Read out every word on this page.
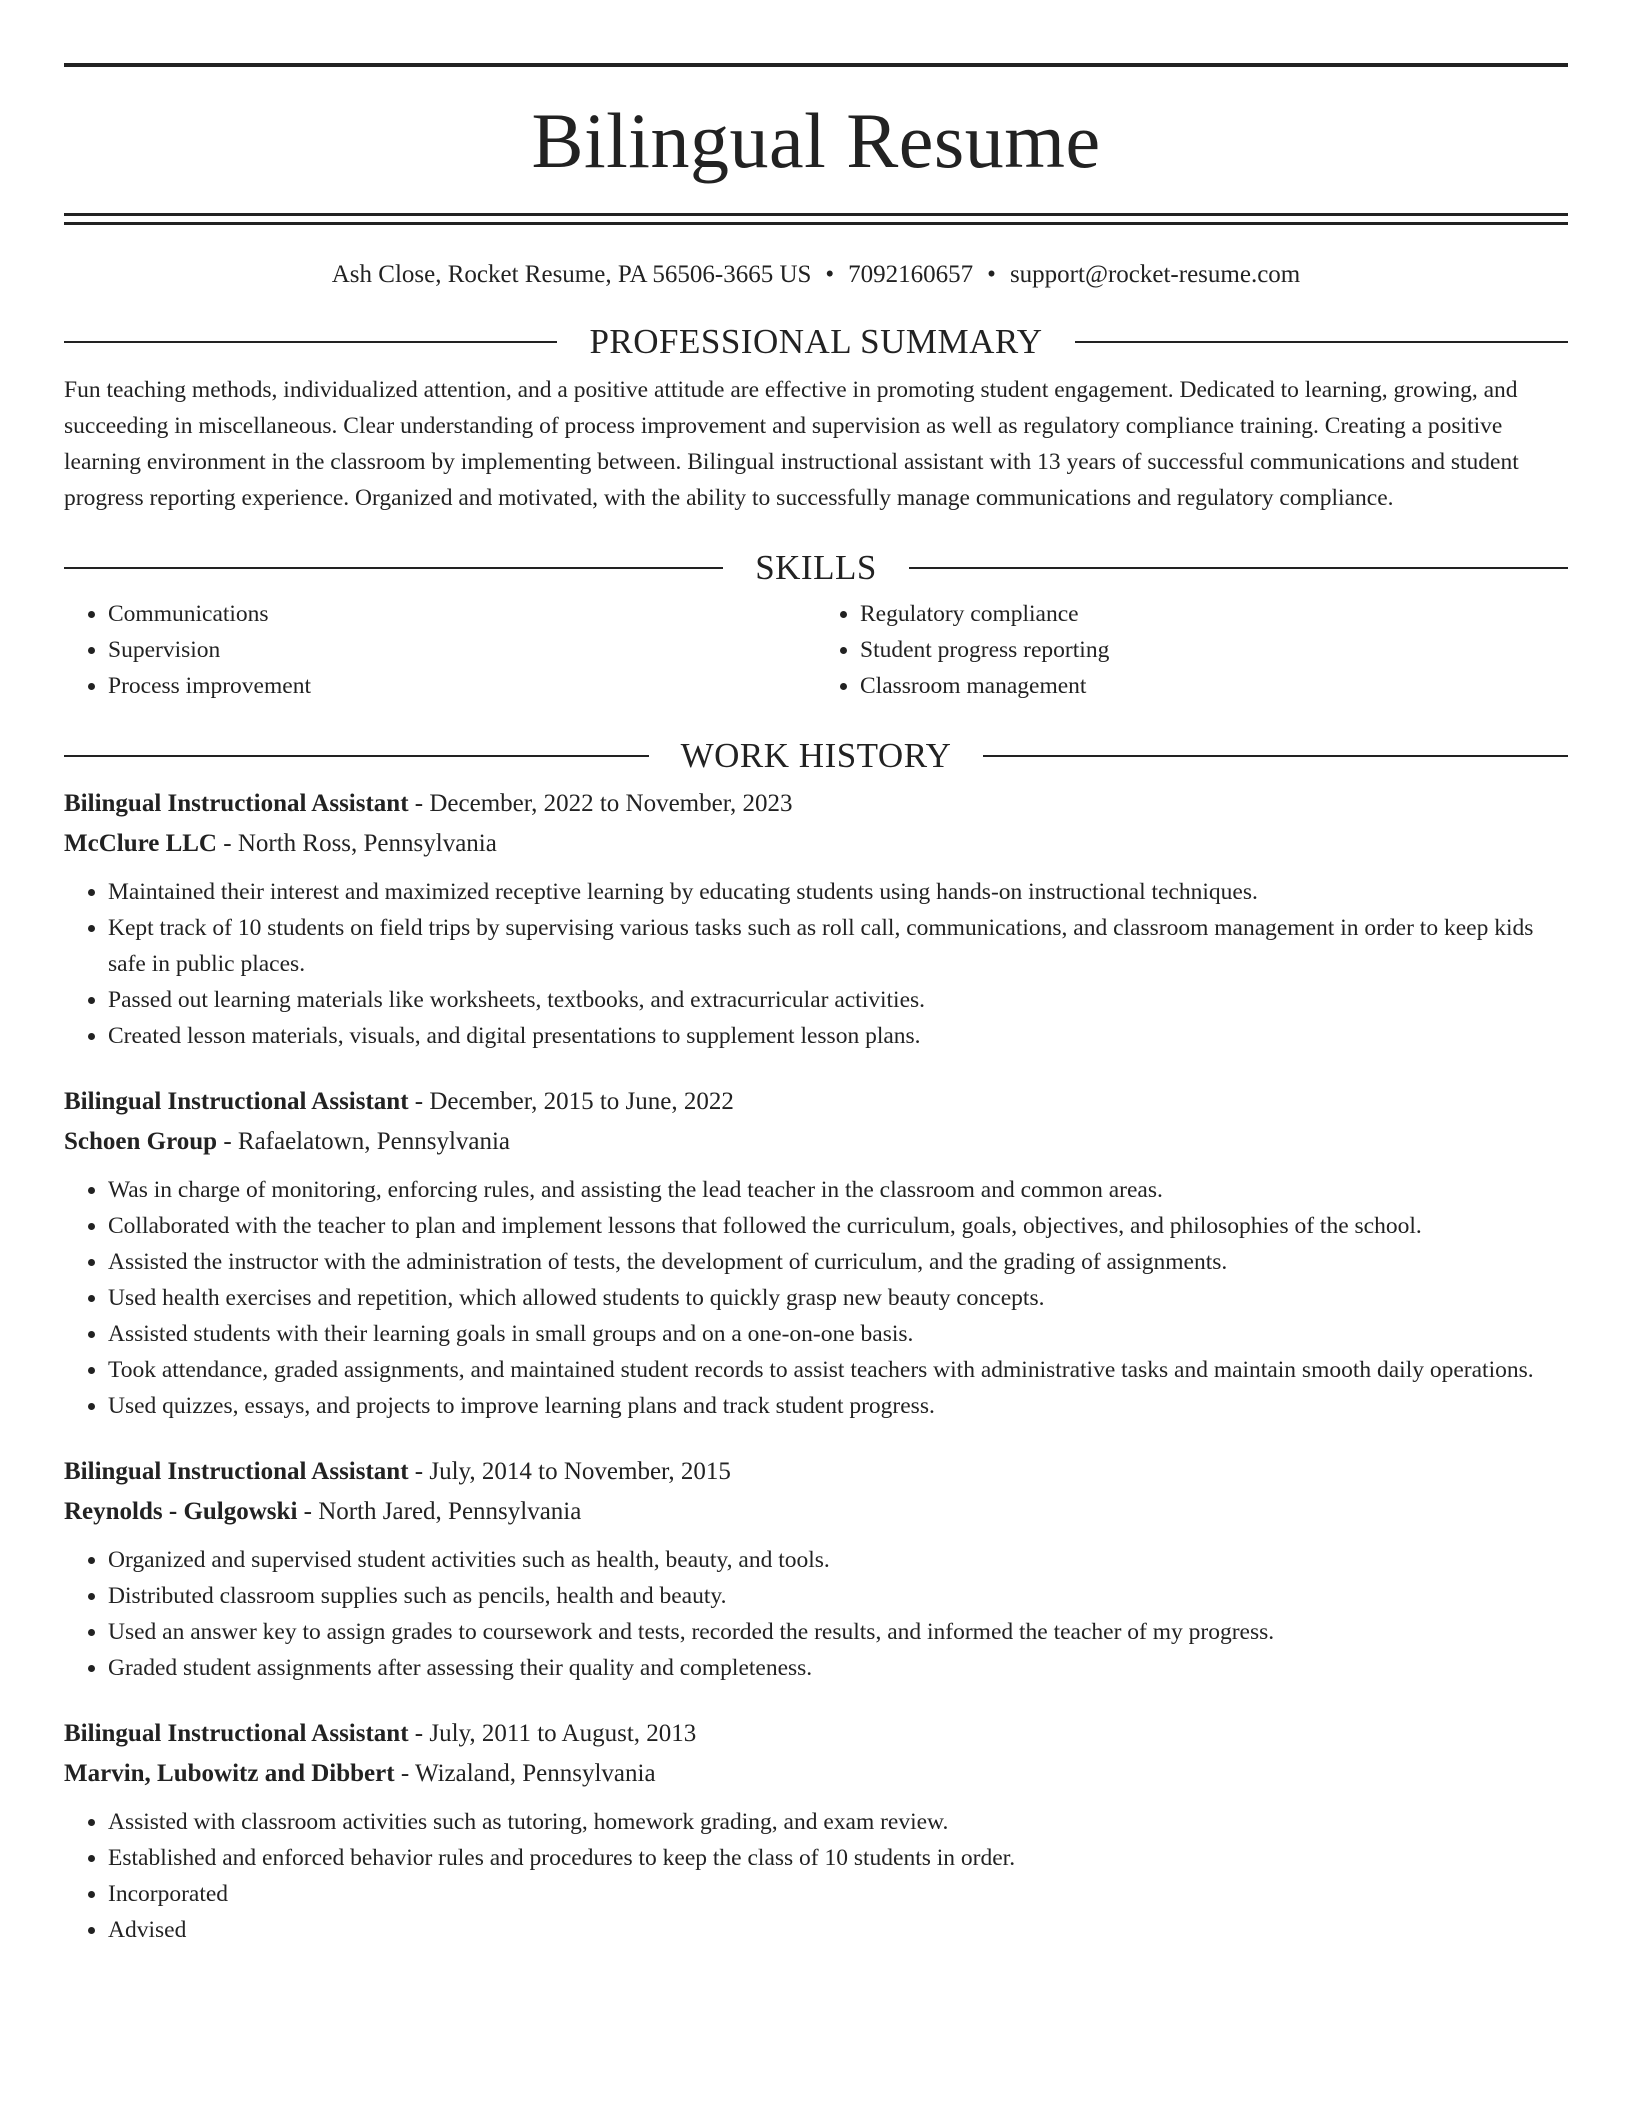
Bilingual Resume
Ash Close, Rocket Resume, PA 56506-3665 US • 7092160657 • support@rocket-resume.com
PROFESSIONAL SUMMARY
Fun teaching methods, individualized attention, and a positive attitude are effective in promoting student engagement. Dedicated to learning, growing, and succeeding in miscellaneous. Clear understanding of process improvement and supervision as well as regulatory compliance training. Creating a positive learning environment in the classroom by implementing between. Bilingual instructional assistant with 13 years of successful communications and student progress reporting experience. Organized and motivated, with the ability to successfully manage communications and regulatory compliance.
SKILLS
• Communications
• Supervision
• Process improvement
• Regulatory compliance
• Student progress reporting
• Classroom management
WORK HISTORY
Bilingual Instructional Assistant - December, 2022 to November, 2023
McClure LLC - North Ross, Pennsylvania
• Maintained their interest and maximized receptive learning by educating students using hands-on instructional techniques.
• Kept track of 10 students on field trips by supervising various tasks such as roll call, communications, and classroom management in order to keep kids safe in public places.
• Passed out learning materials like worksheets, textbooks, and extracurricular activities.
• Created lesson materials, visuals, and digital presentations to supplement lesson plans.
Bilingual Instructional Assistant - December, 2015 to June, 2022
Schoen Group - Rafaelatown, Pennsylvania
• Was in charge of monitoring, enforcing rules, and assisting the lead teacher in the classroom and common areas.
• Collaborated with the teacher to plan and implement lessons that followed the curriculum, goals, objectives, and philosophies of the school.
• Assisted the instructor with the administration of tests, the development of curriculum, and the grading of assignments.
• Used health exercises and repetition, which allowed students to quickly grasp new beauty concepts.
• Assisted students with their learning goals in small groups and on a one-on-one basis.
• Took attendance, graded assignments, and maintained student records to assist teachers with administrative tasks and maintain smooth daily operations.
• Used quizzes, essays, and projects to improve learning plans and track student progress.
Bilingual Instructional Assistant - July, 2014 to November, 2015
Reynolds - Gulgowski - North Jared, Pennsylvania
• Organized and supervised student activities such as health, beauty, and tools.
• Distributed classroom supplies such as pencils, health and beauty.
• Used an answer key to assign grades to coursework and tests, recorded the results, and informed the teacher of my progress.
• Graded student assignments after assessing their quality and completeness.
Bilingual Instructional Assistant - July, 2011 to August, 2013
Marvin, Lubowitz and Dibbert - Wizaland, Pennsylvania
• Assisted with classroom activities such as tutoring, homework grading, and exam review.
• Established and enforced behavior rules and procedures to keep the class of 10 students in order.
• Incorporated
• Advised
